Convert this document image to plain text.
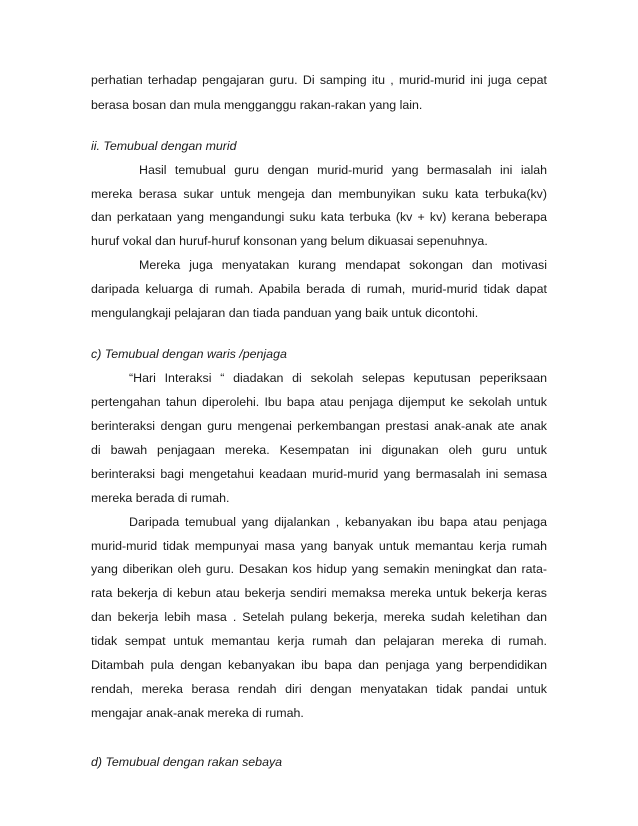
perhatian terhadap pengajaran guru. Di samping itu , murid-murid ini juga cepat
berasa bosan dan mula mengganggu rakan-rakan yang lain.
ii. Temubual dengan murid
Hasil temubual guru dengan murid-murid yang bermasalah ini ialah
mereka berasa sukar untuk mengeja dan membunyikan suku kata terbuka(kv)
dan perkataan yang mengandungi suku kata terbuka (kv + kv) kerana beberapa
huruf vokal dan huruf-huruf konsonan yang belum dikuasai sepenuhnya.
Mereka juga menyatakan kurang mendapat sokongan dan motivasi
daripada keluarga di rumah. Apabila berada di rumah, murid-murid tidak dapat
mengulangkaji pelajaran dan tiada panduan yang baik untuk dicontohi.
c) Temubual dengan waris /penjaga
“Hari Interaksi “ diadakan di sekolah selepas keputusan peperiksaan
pertengahan tahun diperolehi. Ibu bapa atau penjaga dijemput ke sekolah untuk
berinteraksi dengan guru mengenai perkembangan prestasi anak-anak ate anak
di bawah penjagaan mereka. Kesempatan ini digunakan oleh guru untuk
berinteraksi bagi mengetahui keadaan murid-murid yang bermasalah ini semasa
mereka berada di rumah.
Daripada temubual yang dijalankan , kebanyakan ibu bapa atau penjaga
murid-murid tidak mempunyai masa yang banyak untuk memantau kerja rumah
yang diberikan oleh guru. Desakan kos hidup yang semakin meningkat dan rata-
rata bekerja di kebun atau bekerja sendiri memaksa mereka untuk bekerja keras
dan bekerja lebih masa . Setelah pulang bekerja, mereka sudah keletihan dan
tidak sempat untuk memantau kerja rumah dan pelajaran mereka di rumah.
Ditambah pula dengan kebanyakan ibu bapa dan penjaga yang berpendidikan
rendah, mereka berasa rendah diri dengan menyatakan tidak pandai untuk
mengajar anak-anak mereka di rumah.
d) Temubual dengan rakan sebaya
